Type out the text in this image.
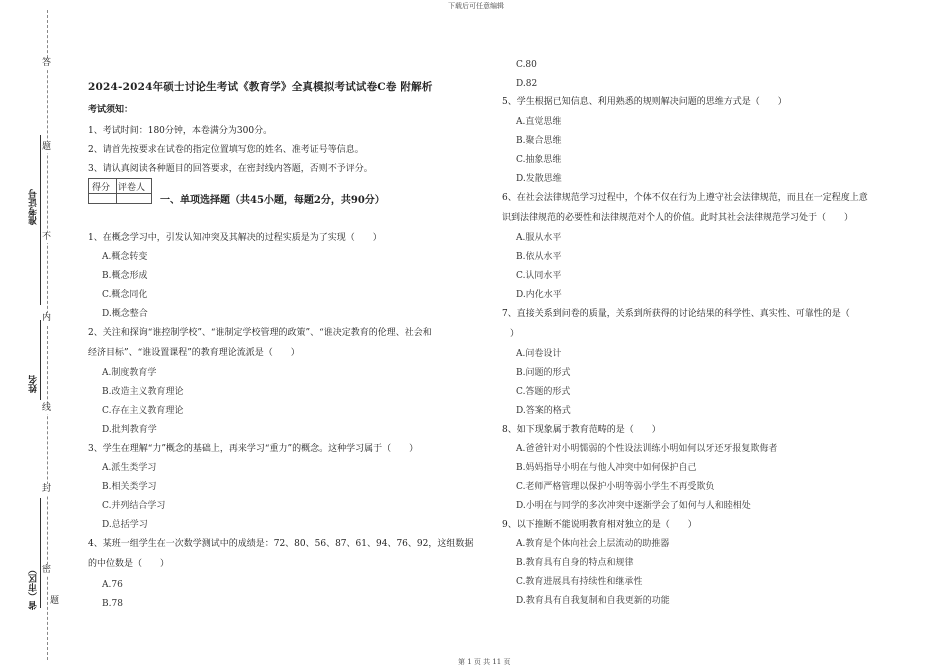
下载后可任意编辑
第 1 页 共 11 页
答
题
不
内
线
封
密
题
准考证号
姓名
省（市区）
2024-2024年硕士讨论生考试《教育学》全真模拟考试试卷C卷 附解析
考试须知：
1、考试时间：180分钟，本卷满分为300分。
2、请首先按要求在试卷的指定位置填写您的姓名、准考证号等信息。
3、请认真阅读各种题目的回答要求，在密封线内答题，否则不予评分。
得分 评卷人
一、单项选择题（共45小题，每题2分，共90分）
1、在概念学习中，引发认知冲突及其解决的过程实质是为了实现（　　）
A.概念转变
B.概念形成
C.概念同化
D.概念整合
2、关注和探询“谁控制学校”、“谁制定学校管理的政策”、“谁决定教育的伦理、社会和
经济目标”、“谁设置课程”的教育理论流派是（　　）
A.制度教育学
B.改造主义教育理论
C.存在主义教育理论
D.批判教育学
3、学生在理解“力”概念的基础上，再来学习“重力”的概念。这种学习属于（　　）
A.派生类学习
B.相关类学习
C.并列结合学习
D.总括学习
4、某班一组学生在一次数学测试中的成绩是：72、80、56、87、61、94、76、92，这组数据
的中位数是（　　）
A.76
B.78
C.80
D.82
5、学生根据已知信息、利用熟悉的规则解决问题的思维方式是（　　）
A.直觉思维
B.聚合思维
C.抽象思维
D.发散思维
6、在社会法律规范学习过程中，个体不仅在行为上遵守社会法律规范，而且在一定程度上意
识到法律规范的必要性和法律规范对个人的价值。此时其社会法律规范学习处于（　　）
A.服从水平
B.依从水平
C.认同水平
D.内化水平
7、直接关系到问卷的质量，关系到所获得的讨论结果的科学性、真实性、可靠性的是（
）
A.问卷设计
B.问题的形式
C.答题的形式
D.答案的格式
8、如下现象属于教育范畴的是（　　）
A.爸爸针对小明懦弱的个性设法训练小明如何以牙还牙报复欺侮者
B.妈妈指导小明在与他人冲突中如何保护自己
C.老师严格管理以保护小明等弱小学生不再受欺负
D.小明在与同学的多次冲突中逐渐学会了如何与人和睦相处
9、以下推断不能说明教育相对独立的是（　　）
A.教育是个体向社会上层流动的助推器
B.教育具有自身的特点和规律
C.教育进展具有持续性和继承性
D.教育具有自我复制和自我更新的功能
